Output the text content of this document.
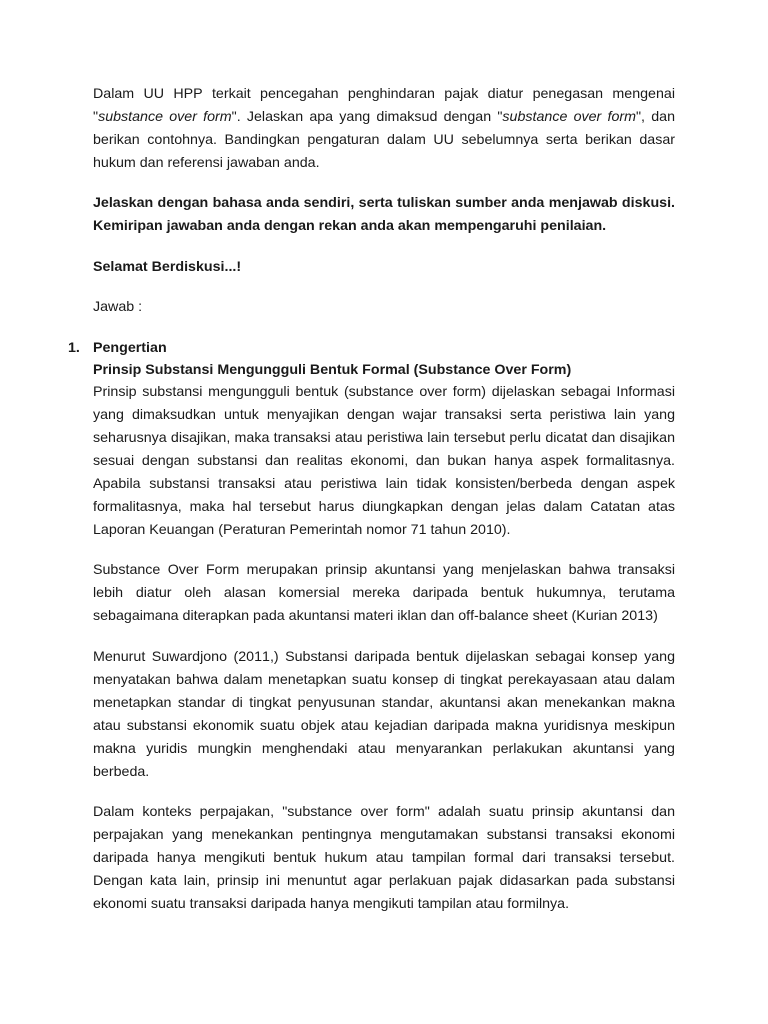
Dalam UU HPP terkait pencegahan penghindaran pajak diatur penegasan mengenai "substance over form". Jelaskan apa yang dimaksud dengan "substance over form", dan berikan contohnya. Bandingkan pengaturan dalam UU sebelumnya serta berikan dasar hukum dan referensi jawaban anda.

Jelaskan dengan bahasa anda sendiri, serta tuliskan sumber anda menjawab diskusi. Kemiripan jawaban anda dengan rekan anda akan mempengaruhi penilaian.

Selamat Berdiskusi...!

Jawab :

1. Pengertian

Prinsip Substansi Mengungguli Bentuk Formal (Substance Over Form)

Prinsip substansi mengungguli bentuk (substance over form) dijelaskan sebagai Informasi yang dimaksudkan untuk menyajikan dengan wajar transaksi serta peristiwa lain yang seharusnya disajikan, maka transaksi atau peristiwa lain tersebut perlu dicatat dan disajikan sesuai dengan substansi dan realitas ekonomi, dan bukan hanya aspek formalitasnya. Apabila substansi transaksi atau peristiwa lain tidak konsisten/berbeda dengan aspek formalitasnya, maka hal tersebut harus diungkapkan dengan jelas dalam Catatan atas Laporan Keuangan (Peraturan Pemerintah nomor 71 tahun 2010).

Substance Over Form merupakan prinsip akuntansi yang menjelaskan bahwa transaksi lebih diatur oleh alasan komersial mereka daripada bentuk hukumnya, terutama sebagaimana diterapkan pada akuntansi materi iklan dan off-balance sheet (Kurian 2013)

Menurut Suwardjono (2011,) Substansi daripada bentuk dijelaskan sebagai konsep yang menyatakan bahwa dalam menetapkan suatu konsep di tingkat perekayasaan atau dalam menetapkan standar di tingkat penyusunan standar, akuntansi akan menekankan makna atau substansi ekonomik suatu objek atau kejadian daripada makna yuridisnya meskipun makna yuridis mungkin menghendaki atau menyarankan perlakukan akuntansi yang berbeda.

Dalam konteks perpajakan, "substance over form" adalah suatu prinsip akuntansi dan perpajakan yang menekankan pentingnya mengutamakan substansi transaksi ekonomi daripada hanya mengikuti bentuk hukum atau tampilan formal dari transaksi tersebut. Dengan kata lain, prinsip ini menuntut agar perlakuan pajak didasarkan pada substansi ekonomi suatu transaksi daripada hanya mengikuti tampilan atau formilnya.
